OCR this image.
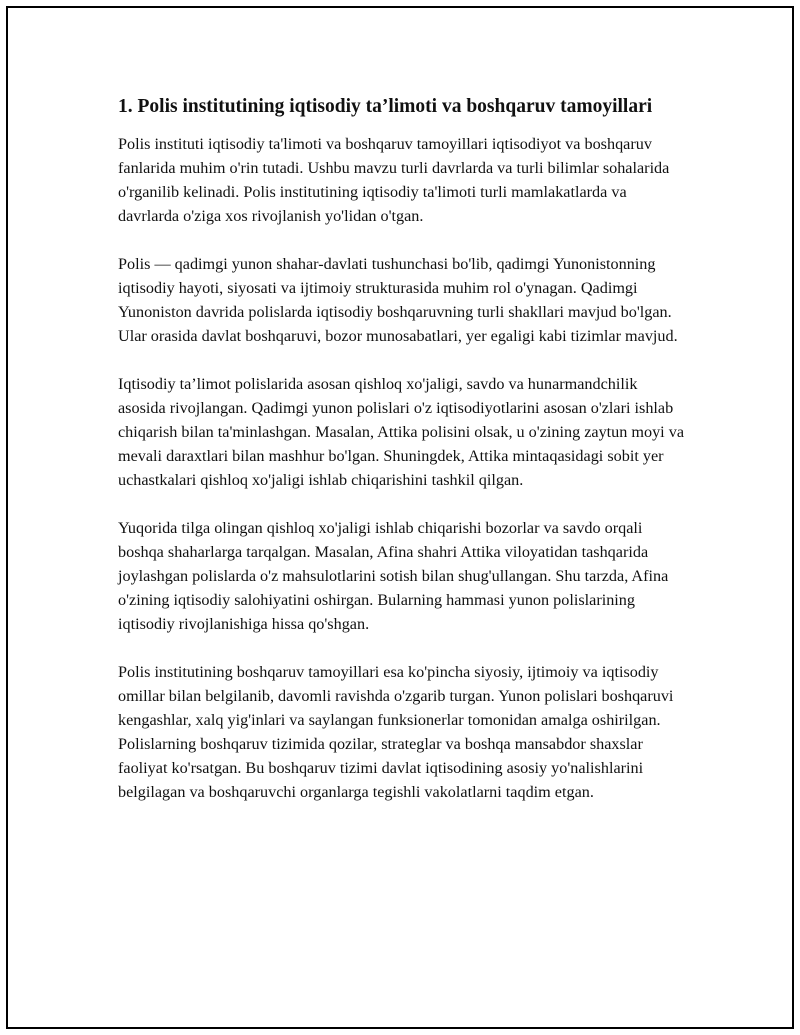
1. Polis institutining iqtisodiy ta’limoti va boshqaruv tamoyillari

Polis instituti iqtisodiy ta'limoti va boshqaruv tamoyillari iqtisodiyot va boshqaruv fanlarida muhim o'rin tutadi. Ushbu mavzu turli davrlarda va turli bilimlar sohalarida o'rganilib kelinadi. Polis institutining iqtisodiy ta'limoti turli mamlakatlarda va davrlarda o'ziga xos rivojlanish yo'lidan o'tgan.

Polis — qadimgi yunon shahar-davlati tushunchasi bo'lib, qadimgi Yunonistonning iqtisodiy hayoti, siyosati va ijtimoiy strukturasida muhim rol o'ynagan. Qadimgi Yunoniston davrida polislarda iqtisodiy boshqaruvning turli shakllari mavjud bo'lgan. Ular orasida davlat boshqaruvi, bozor munosabatlari, yer egaligi kabi tizimlar mavjud.

Iqtisodiy ta’limot polislarida asosan qishloq xo'jaligi, savdo va hunarmandchilik asosida rivojlangan. Qadimgi yunon polislari o'z iqtisodiyotlarini asosan o'zlari ishlab chiqarish bilan ta'minlashgan. Masalan, Attika polisini olsak, u o'zining zaytun moyi va mevali daraxtlari bilan mashhur bo'lgan. Shuningdek, Attika mintaqasidagi sobit yer uchastkalari qishloq xo'jaligi ishlab chiqarishini tashkil qilgan.

Yuqorida tilga olingan qishloq xo'jaligi ishlab chiqarishi bozorlar va savdo orqali boshqa shaharlarga tarqalgan. Masalan, Afina shahri Attika viloyatidan tashqarida joylashgan polislarda o'z mahsulotlarini sotish bilan shug'ullangan. Shu tarzda, Afina o'zining iqtisodiy salohiyatini oshirgan. Bularning hammasi yunon polislarining iqtisodiy rivojlanishiga hissa qo'shgan.

Polis institutining boshqaruv tamoyillari esa ko'pincha siyosiy, ijtimoiy va iqtisodiy omillar bilan belgilanib, davomli ravishda o'zgarib turgan. Yunon polislari boshqaruvi kengashlar, xalq yig'inlari va saylangan funksionerlar tomonidan amalga oshirilgan. Polislarning boshqaruv tizimida qozilar, strateglar va boshqa mansabdor shaxslar faoliyat ko'rsatgan. Bu boshqaruv tizimi davlat iqtisodining asosiy yo'nalishlarini belgilagan va boshqaruvchi organlarga tegishli vakolatlarni taqdim etgan.
